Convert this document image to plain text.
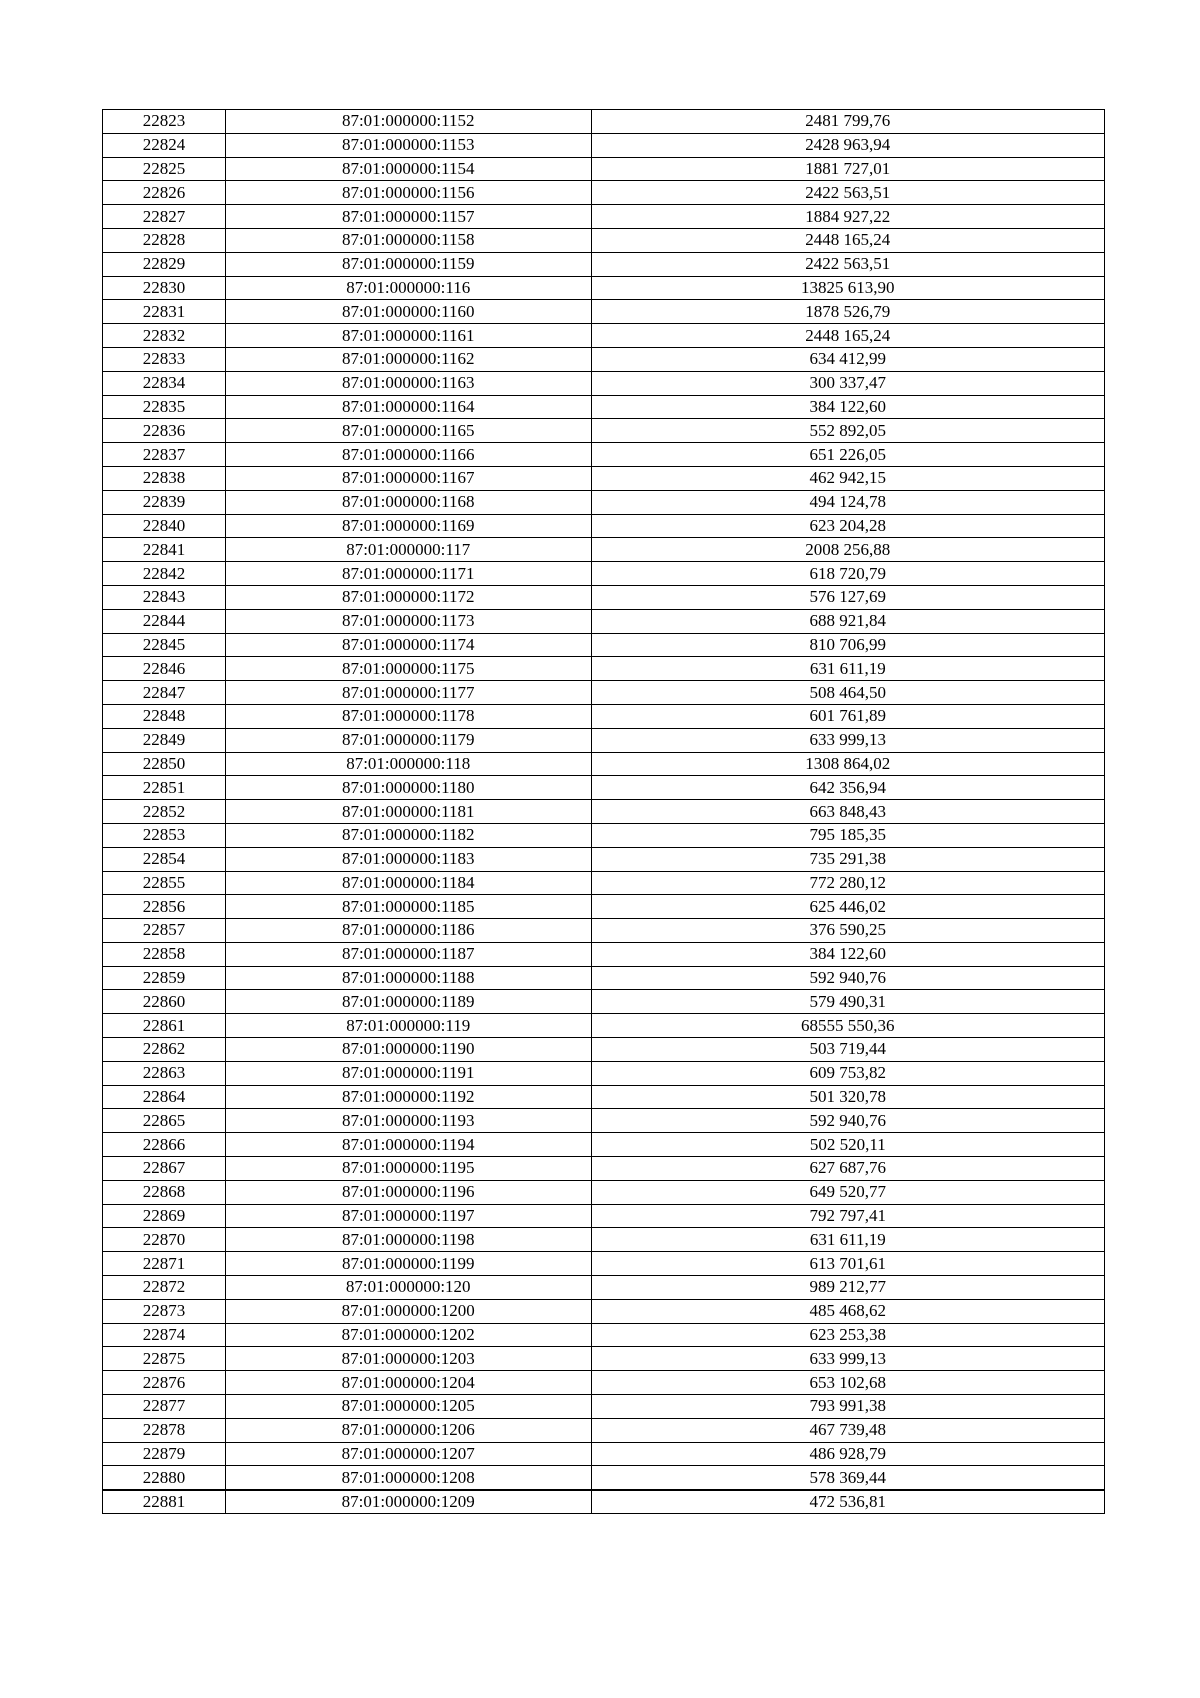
22823	87:01:000000:1152	2481 799,76
22824	87:01:000000:1153	2428 963,94
22825	87:01:000000:1154	1881 727,01
22826	87:01:000000:1156	2422 563,51
22827	87:01:000000:1157	1884 927,22
22828	87:01:000000:1158	2448 165,24
22829	87:01:000000:1159	2422 563,51
22830	87:01:000000:116	13825 613,90
22831	87:01:000000:1160	1878 526,79
22832	87:01:000000:1161	2448 165,24
22833	87:01:000000:1162	634 412,99
22834	87:01:000000:1163	300 337,47
22835	87:01:000000:1164	384 122,60
22836	87:01:000000:1165	552 892,05
22837	87:01:000000:1166	651 226,05
22838	87:01:000000:1167	462 942,15
22839	87:01:000000:1168	494 124,78
22840	87:01:000000:1169	623 204,28
22841	87:01:000000:117	2008 256,88
22842	87:01:000000:1171	618 720,79
22843	87:01:000000:1172	576 127,69
22844	87:01:000000:1173	688 921,84
22845	87:01:000000:1174	810 706,99
22846	87:01:000000:1175	631 611,19
22847	87:01:000000:1177	508 464,50
22848	87:01:000000:1178	601 761,89
22849	87:01:000000:1179	633 999,13
22850	87:01:000000:118	1308 864,02
22851	87:01:000000:1180	642 356,94
22852	87:01:000000:1181	663 848,43
22853	87:01:000000:1182	795 185,35
22854	87:01:000000:1183	735 291,38
22855	87:01:000000:1184	772 280,12
22856	87:01:000000:1185	625 446,02
22857	87:01:000000:1186	376 590,25
22858	87:01:000000:1187	384 122,60
22859	87:01:000000:1188	592 940,76
22860	87:01:000000:1189	579 490,31
22861	87:01:000000:119	68555 550,36
22862	87:01:000000:1190	503 719,44
22863	87:01:000000:1191	609 753,82
22864	87:01:000000:1192	501 320,78
22865	87:01:000000:1193	592 940,76
22866	87:01:000000:1194	502 520,11
22867	87:01:000000:1195	627 687,76
22868	87:01:000000:1196	649 520,77
22869	87:01:000000:1197	792 797,41
22870	87:01:000000:1198	631 611,19
22871	87:01:000000:1199	613 701,61
22872	87:01:000000:120	989 212,77
22873	87:01:000000:1200	485 468,62
22874	87:01:000000:1202	623 253,38
22875	87:01:000000:1203	633 999,13
22876	87:01:000000:1204	653 102,68
22877	87:01:000000:1205	793 991,38
22878	87:01:000000:1206	467 739,48
22879	87:01:000000:1207	486 928,79
22880	87:01:000000:1208	578 369,44
22881	87:01:000000:1209	472 536,81
